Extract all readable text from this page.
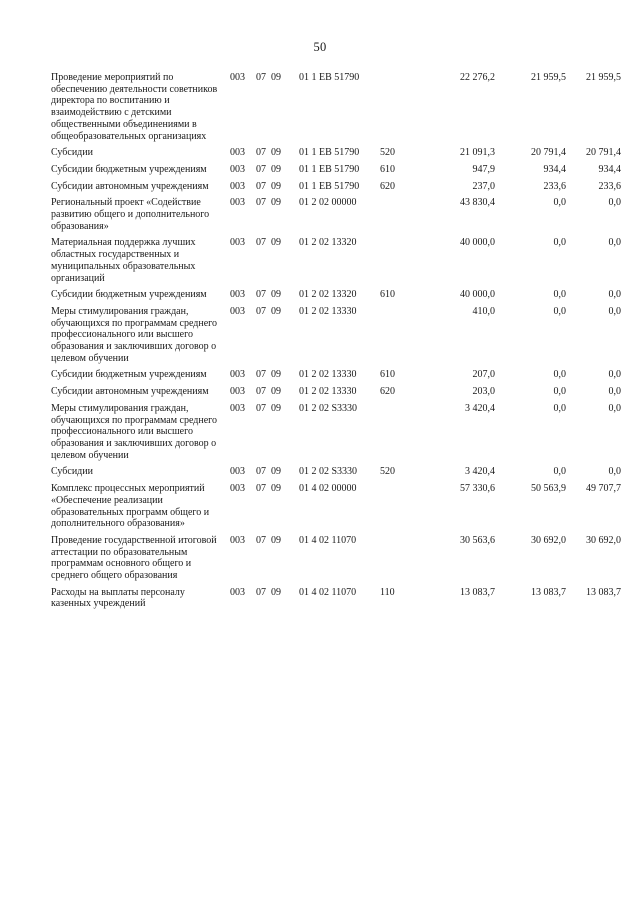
50
Проведение мероприятий по обеспечению деятельности советников директора по воспитанию и взаимодействию с детскими общественными объединениями в общеобразовательных организациях
003 07 09 01 1 ЕВ 51790	22 276,2	21 959,5	21 959,5
Субсидии	003 07 09 01 1 ЕВ 51790 520	21 091,3	20 791,4	20 791,4
Субсидии бюджетным учреждениям	003 07 09 01 1 ЕВ 51790 610	947,9	934,4	934,4
Субсидии автономным учреждениям	003 07 09 01 1 ЕВ 51790 620	237,0	233,6	233,6
Региональный проект «Содействие развитию общего и дополнительного образования»
003 07 09 01 2 02 00000	43 830,4	0,0	0,0
Материальная поддержка лучших областных государственных и муниципальных образовательных организаций
003 07 09 01 2 02 13320	40 000,0	0,0	0,0
Субсидии бюджетным учреждениям	003 07 09 01 2 02 13320 610	40 000,0	0,0	0,0
Меры стимулирования граждан, обучающихся по программам среднего профессионального или высшего образования и заключивших договор о целевом обучении
003 07 09 01 2 02 13330	410,0	0,0	0,0
Субсидии бюджетным учреждениям	003 07 09 01 2 02 13330 610	207,0	0,0	0,0
Субсидии автономным учреждениям	003 07 09 01 2 02 13330 620	203,0	0,0	0,0
Меры стимулирования граждан, обучающихся по программам среднего профессионального или высшего образования и заключивших договор о целевом обучении
003 07 09 01 2 02 S3330	3 420,4	0,0	0,0
Субсидии	003 07 09 01 2 02 S3330 520	3 420,4	0,0	0,0
Комплекс процессных мероприятий «Обеспечение реализации образовательных программ общего и дополнительного образования»
003 07 09 01 4 02 00000	57 330,6	50 563,9	49 707,7
Проведение государственной итоговой аттестации по образовательным программам основного общего и среднего общего образования
003 07 09 01 4 02 11070	30 563,6	30 692,0	30 692,0
Расходы на выплаты персоналу казенных учреждений
003 07 09 01 4 02 11070 110	13 083,7	13 083,7	13 083,7
